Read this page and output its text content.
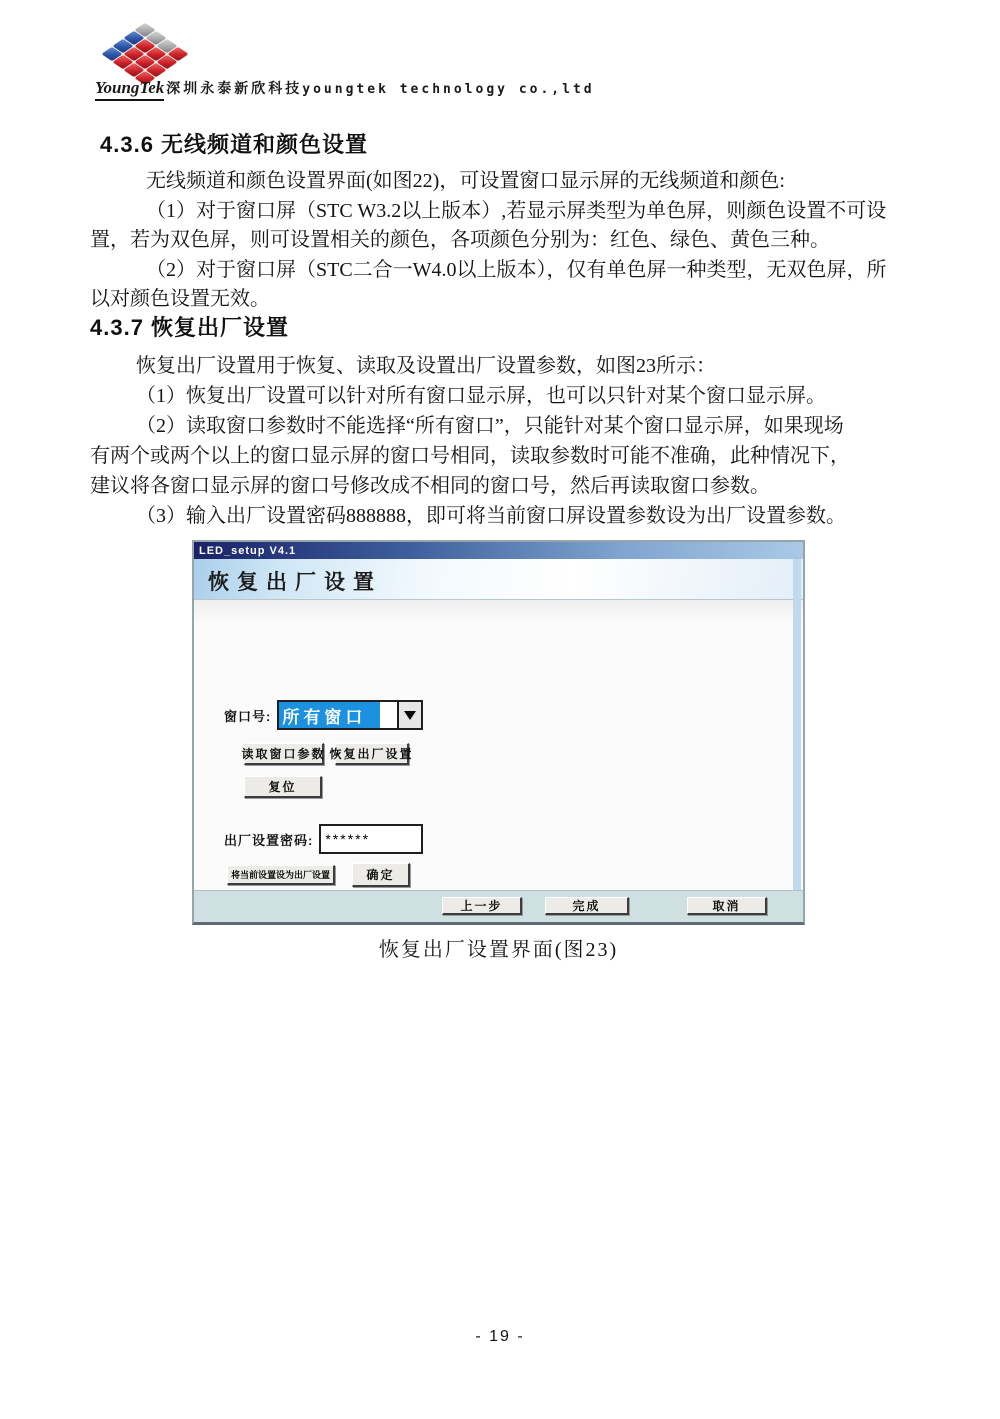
YoungTek 深圳永泰新欣科技 youngtek technology co.,ltd
4.3.6 无线频道和颜色设置
无线频道和颜色设置界面(如图22)，可设置窗口显示屏的无线频道和颜色:
（1）对于窗口屏（STC W3.2以上版本）,若显示屏类型为单色屏，则颜色设置不可设
置，若为双色屏，则可设置相关的颜色，各项颜色分别为：红色、绿色、黄色三种。
（2）对于窗口屏（STC二合一W4.0以上版本），仅有单色屏一种类型，无双色屏，所
以对颜色设置无效。
4.3.7 恢复出厂设置
恢复出厂设置用于恢复、读取及设置出厂设置参数，如图23所示：
（1）恢复出厂设置可以针对所有窗口显示屏，也可以只针对某个窗口显示屏。
（2）读取窗口参数时不能选择“所有窗口”，只能针对某个窗口显示屏，如果现场
有两个或两个以上的窗口显示屏的窗口号相同，读取参数时可能不准确，此种情况下，
建议将各窗口显示屏的窗口号修改成不相同的窗口号，然后再读取窗口参数。
（3）输入出厂设置密码888888，即可将当前窗口屏设置参数设为出厂设置参数。
LED_setup V4.1
恢复出厂设置
窗口号: 所有窗口
读取窗口参数 恢复出厂设置
复位
出厂设置密码:
******
将当前设置设为出厂设置	确定
上一步	完成	取消
恢复出厂设置界面(图23)
- 19 -
